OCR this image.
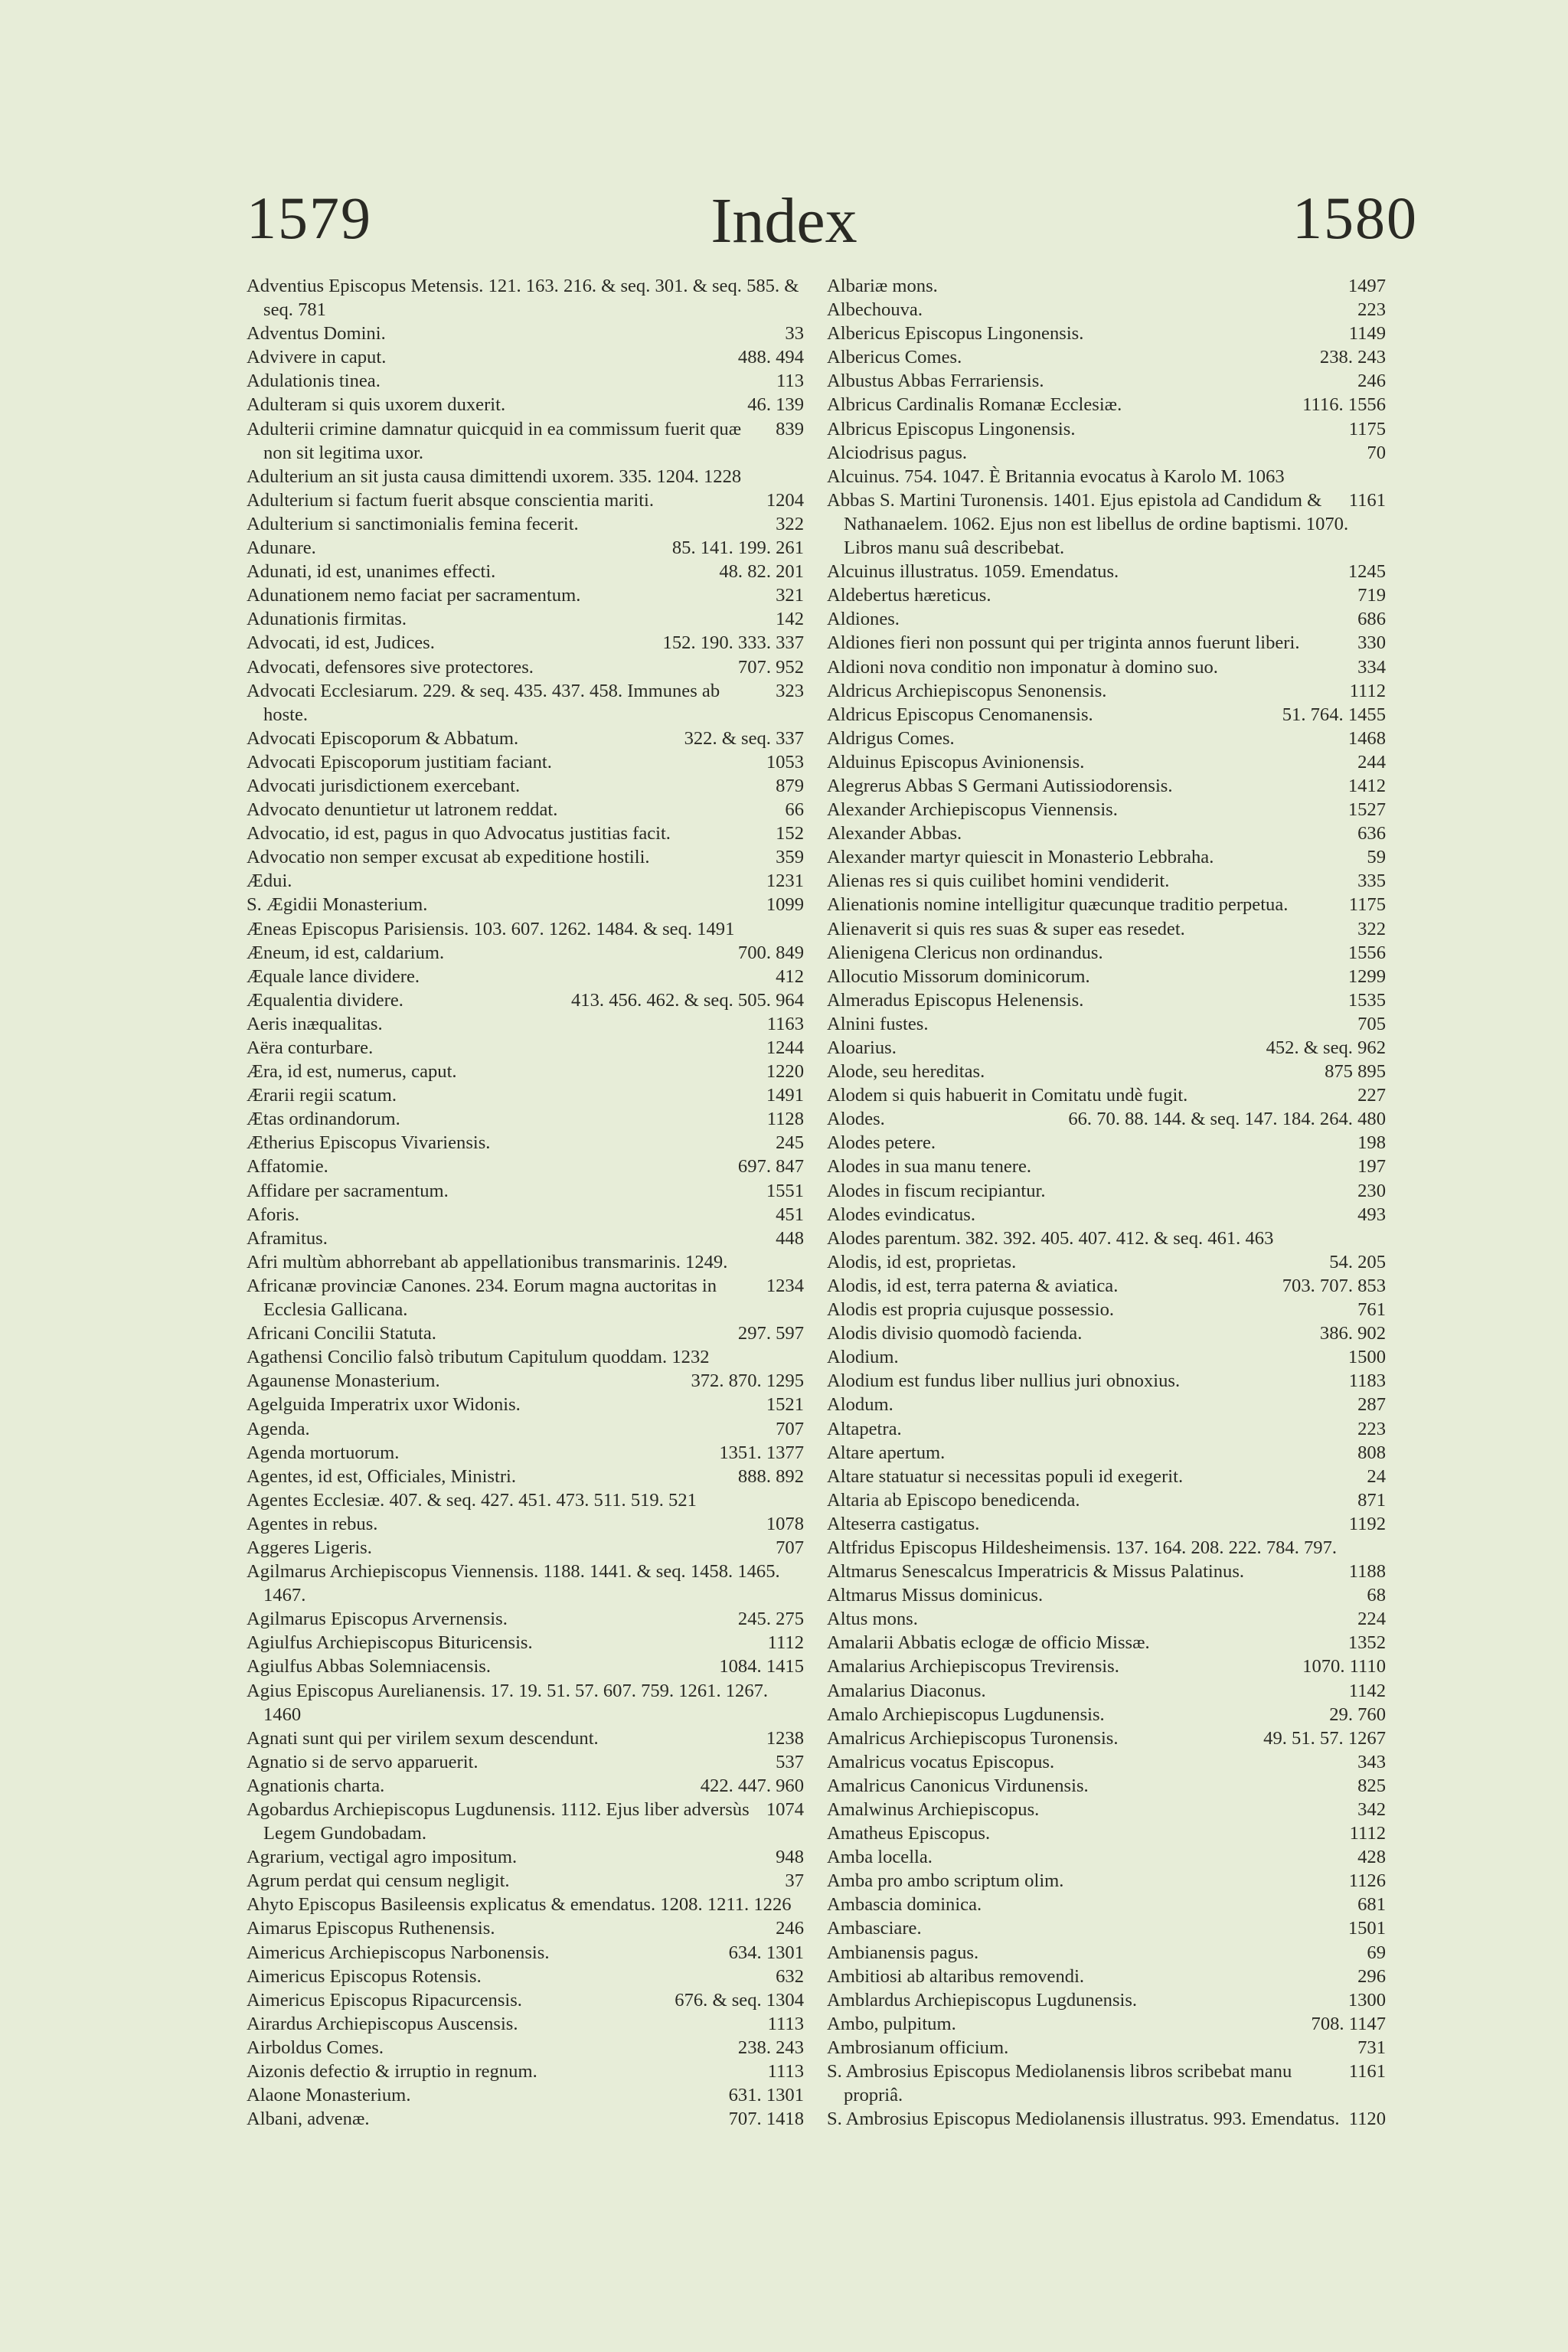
1579	Index	1580
Adventius Episcopus Metensis. 121. 163. 216. & seq. 301. & seq. 585. & seq. 781
33
Adventus Domini.
488. 494
Advivere in caput.
113
Adulationis tinea.
46. 139
Adulteram si quis uxorem duxerit.
839
Adulterii crimine damnatur quicquid in ea commissum fuerit quæ non sit legitima uxor.
Adulterium an sit justa causa dimittendi uxorem. 335. 1204. 1228
1204
Adulterium si factum fuerit absque conscientia mariti.
322
Adulterium si sanctimonialis femina fecerit.
85. 141. 199. 261
Adunare.
48. 82. 201
Adunati, id est, unanimes effecti.
321
Adunationem nemo faciat per sacramentum.
142
Adunationis firmitas.
152. 190. 333. 337
Advocati, id est, Judices.
707. 952
Advocati, defensores sive protectores.
323
Advocati Ecclesiarum. 229. & seq. 435. 437. 458. Immunes ab hoste.
322. & seq. 337
Advocati Episcoporum & Abbatum.
1053
Advocati Episcoporum justitiam faciant.
879
Advocati jurisdictionem exercebant.
66
Advocato denuntietur ut latronem reddat.
152
Advocatio, id est, pagus in quo Advocatus justitias facit.
359
Advocatio non semper excusat ab expeditione hostili.
1231
Ædui.
1099
S. Ægidii Monasterium.
Æneas Episcopus Parisiensis. 103. 607. 1262. 1484. & seq. 1491
700. 849
Æneum, id est, caldarium.
412
Æquale lance dividere.
413. 456. 462. & seq. 505. 964
Æqualentia dividere.
1163
Aeris inæqualitas.
1244
Aëra conturbare.
1220
Æra, id est, numerus, caput.
1491
Ærarii regii scatum.
1128
Ætas ordinandorum.
245
Ætherius Episcopus Vivariensis.
697. 847
Affatomie.
1551
Affidare per sacramentum.
451
Aforis.
448
Aframitus.
Afri multùm abhorrebant ab appellationibus transmarinis. 1249.
1234
Africanæ provinciæ Canones. 234. Eorum magna auctoritas in Ecclesia Gallicana.
297. 597
Africani Concilii Statuta.
Agathensi Concilio falsò tributum Capitulum quoddam. 1232
372. 870. 1295
Agaunense Monasterium.
1521
Agelguida Imperatrix uxor Widonis.
707
Agenda.
1351. 1377
Agenda mortuorum.
888. 892
Agentes, id est, Officiales, Ministri.
Agentes Ecclesiæ. 407. & seq. 427. 451. 473. 511. 519. 521
1078
Agentes in rebus.
707
Aggeres Ligeris.
Agilmarus Archiepiscopus Viennensis. 1188. 1441. & seq. 1458. 1465. 1467.
245. 275
Agilmarus Episcopus Arvernensis.
1112
Agiulfus Archiepiscopus Bituricensis.
1084. 1415
Agiulfus Abbas Solemniacensis.
Agius Episcopus Aurelianensis. 17. 19. 51. 57. 607. 759. 1261. 1267. 1460
1238
Agnati sunt qui per virilem sexum descendunt.
537
Agnatio si de servo apparuerit.
422. 447. 960
Agnationis charta.
1074
Agobardus Archiepiscopus Lugdunensis. 1112. Ejus liber adversùs Legem Gundobadam.
948
Agrarium, vectigal agro impositum.
37
Agrum perdat qui censum negligit.
Ahyto Episcopus Basileensis explicatus & emendatus. 1208. 1211. 1226
246
Aimarus Episcopus Ruthenensis.
634. 1301
Aimericus Archiepiscopus Narbonensis.
632
Aimericus Episcopus Rotensis.
676. & seq. 1304
Aimericus Episcopus Ripacurcensis.
1113
Airardus Archiepiscopus Auscensis.
238. 243
Airboldus Comes.
1113
Aizonis defectio & irruptio in regnum.
631. 1301
Alaone Monasterium.
707. 1418
Albani, advenæ.
1497
Albariæ mons.
223
Albechouva.
1149
Albericus Episcopus Lingonensis.
238. 243
Albericus Comes.
246
Albustus Abbas Ferrariensis.
1116. 1556
Albricus Cardinalis Romanæ Ecclesiæ.
1175
Albricus Episcopus Lingonensis.
70
Alciodrisus pagus.
Alcuinus. 754. 1047. È Britannia evocatus à Karolo M. 1063
1161
Abbas S. Martini Turonensis. 1401. Ejus epistola ad Candidum & Nathanaelem. 1062. Ejus non est libellus de ordine baptismi. 1070. Libros manu suâ describebat.
1245
Alcuinus illustratus. 1059. Emendatus.
719
Aldebertus hæreticus.
686
Aldiones.
330
Aldiones fieri non possunt qui per triginta annos fuerunt liberi.
334
Aldioni nova conditio non imponatur à domino suo.
1112
Aldricus Archiepiscopus Senonensis.
51. 764. 1455
Aldricus Episcopus Cenomanensis.
1468
Aldrigus Comes.
244
Alduinus Episcopus Avinionensis.
1412
Alegrerus Abbas S Germani Autissiodorensis.
1527
Alexander Archiepiscopus Viennensis.
636
Alexander Abbas.
59
Alexander martyr quiescit in Monasterio Lebbraha.
335
Alienas res si quis cuilibet homini vendiderit.
1175
Alienationis nomine intelligitur quæcunque traditio perpetua.
322
Alienaverit si quis res suas & super eas resedet.
1556
Alienigena Clericus non ordinandus.
1299
Allocutio Missorum dominicorum.
1535
Almeradus Episcopus Helenensis.
705
Alnini fustes.
452. & seq. 962
Aloarius.
875 895
Alode, seu hereditas.
227
Alodem si quis habuerit in Comitatu undè fugit.
66. 70. 88. 144. & seq. 147. 184. 264. 480
Alodes.
198
Alodes petere.
197
Alodes in sua manu tenere.
230
Alodes in fiscum recipiantur.
493
Alodes evindicatus.
Alodes parentum. 382. 392. 405. 407. 412. & seq. 461. 463
54. 205
Alodis, id est, proprietas.
703. 707. 853
Alodis, id est, terra paterna & aviatica.
761
Alodis est propria cujusque possessio.
386. 902
Alodis divisio quomodò facienda.
1500
Alodium.
1183
Alodium est fundus liber nullius juri obnoxius.
287
Alodum.
223
Altapetra.
808
Altare apertum.
24
Altare statuatur si necessitas populi id exegerit.
871
Altaria ab Episcopo benedicenda.
1192
Alteserra castigatus.
Altfridus Episcopus Hildesheimensis. 137. 164. 208. 222. 784. 797.
1188
Altmarus Senescalcus Imperatricis & Missus Palatinus.
68
Altmarus Missus dominicus.
224
Altus mons.
1352
Amalarii Abbatis eclogæ de officio Missæ.
1070. 1110
Amalarius Archiepiscopus Trevirensis.
1142
Amalarius Diaconus.
29. 760
Amalo Archiepiscopus Lugdunensis.
49. 51. 57. 1267
Amalricus Archiepiscopus Turonensis.
343
Amalricus vocatus Episcopus.
825
Amalricus Canonicus Virdunensis.
342
Amalwinus Archiepiscopus.
1112
Amatheus Episcopus.
428
Amba locella.
1126
Amba pro ambo scriptum olim.
681
Ambascia dominica.
1501
Ambasciare.
69
Ambianensis pagus.
296
Ambitiosi ab altaribus removendi.
1300
Amblardus Archiepiscopus Lugdunensis.
708. 1147
Ambo, pulpitum.
731
Ambrosianum officium.
1161
S. Ambrosius Episcopus Mediolanensis libros scribebat manu propriâ.
1120
S. Ambrosius Episcopus Mediolanensis illustratus. 993. Emendatus.
